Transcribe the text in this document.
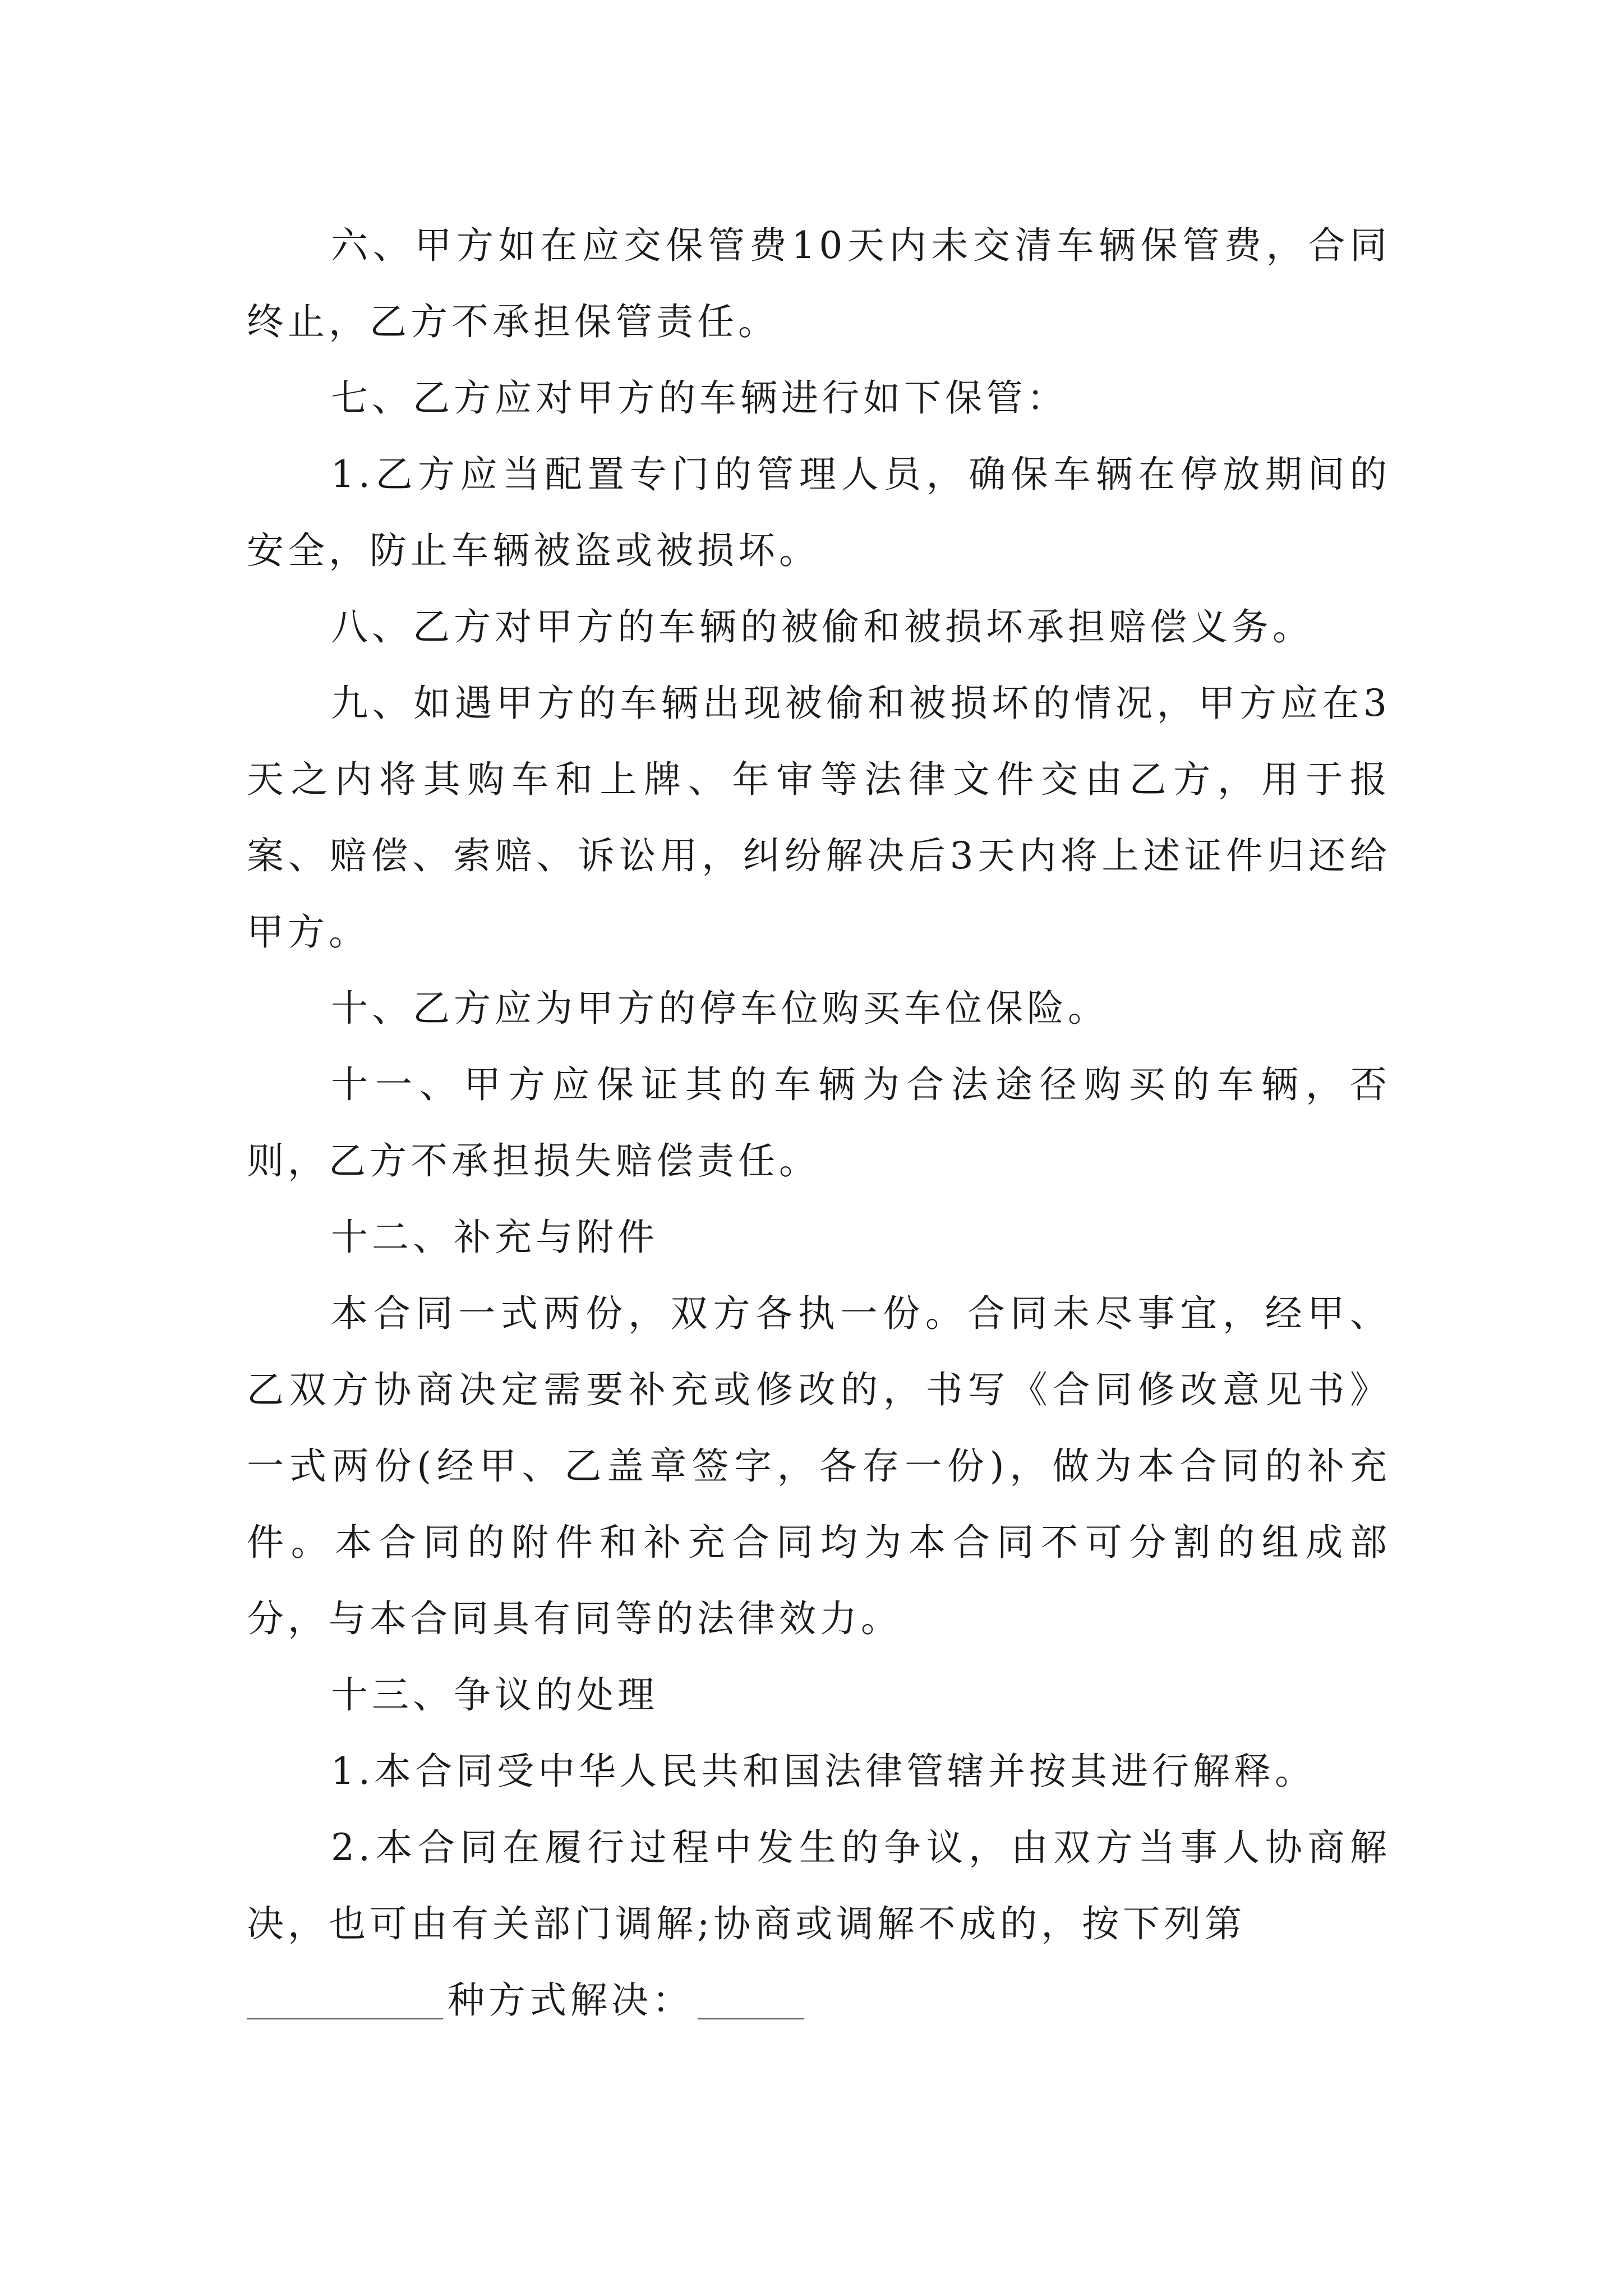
六、甲方如在应交保管费10天内未交清车辆保管费，合同终止，乙方不承担保管责任。

七、乙方应对甲方的车辆进行如下保管：

1.乙方应当配置专门的管理人员，确保车辆在停放期间的安全，防止车辆被盗或被损坏。

八、乙方对甲方的车辆的被偷和被损坏承担赔偿义务。

九、如遇甲方的车辆出现被偷和被损坏的情况，甲方应在3天之内将其购车和上牌、年审等法律文件交由乙方，用于报案、赔偿、索赔、诉讼用，纠纷解决后3天内将上述证件归还给甲方。

十、乙方应为甲方的停车位购买车位保险。

十一、甲方应保证其的车辆为合法途径购买的车辆，否则，乙方不承担损失赔偿责任。

十二、补充与附件

本合同一式两份，双方各执一份。合同未尽事宜，经甲、乙双方协商决定需要补充或修改的，书写《合同修改意见书》一式两份(经甲、乙盖章签字，各存一份)，做为本合同的补充件。本合同的附件和补充合同均为本合同不可分割的组成部分，与本合同具有同等的法律效力。

十三、争议的处理

1.本合同受中华人民共和国法律管辖并按其进行解释。

2.本合同在履行过程中发生的争议，由双方当事人协商解决，也可由有关部门调解;协商或调解不成的，按下列第

种方式解决：
